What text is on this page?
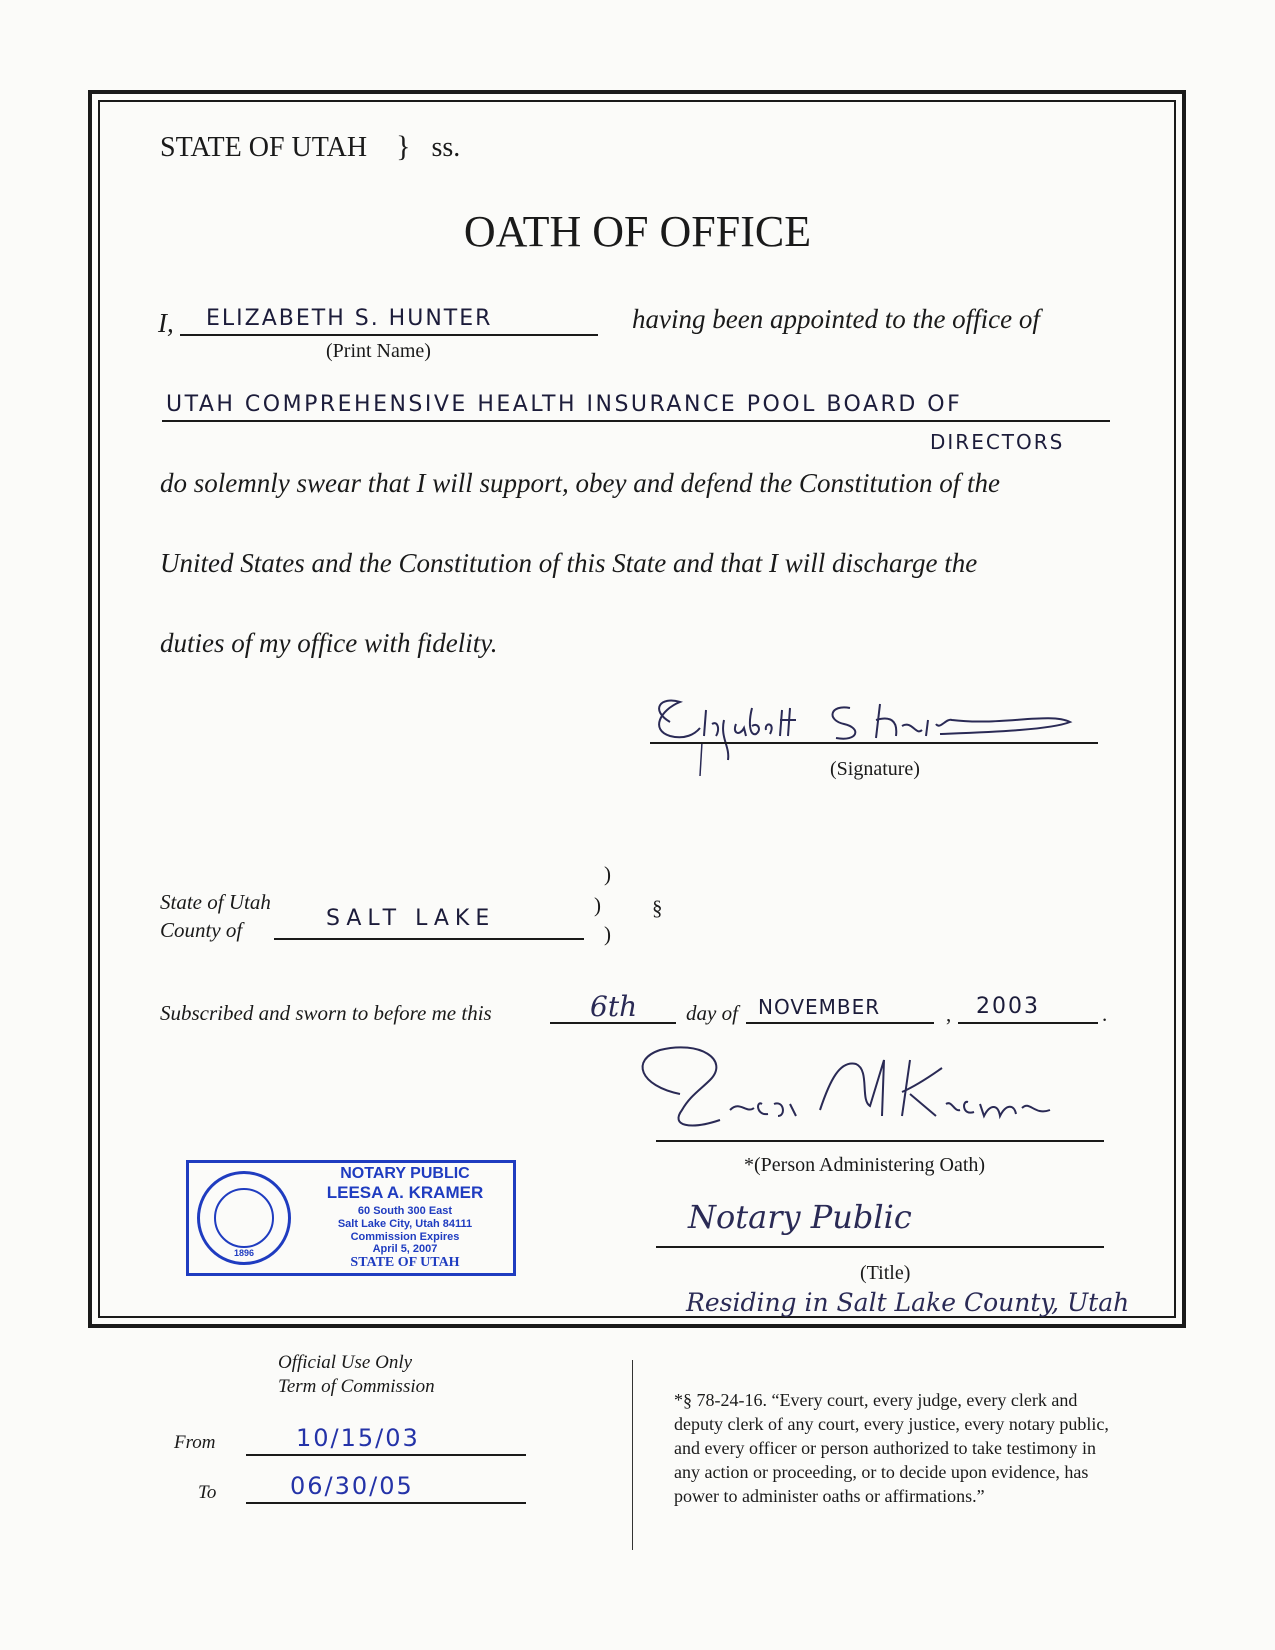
STATE OF UTAH } ss.
OATH OF OFFICE
I, ELIZABETH S. HUNTER
(Print Name)
having been appointed to the office of
UTAH COMPREHENSIVE HEALTH INSURANCE POOL BOARD OF
DIRECTORS
do solemnly swear that I will support, obey and defend the Constitution of the
United States and the Constitution of this State and that I will discharge the
duties of my office with fidelity.
(Signature)
State of Utah
County of	SALT LAKE
)
)
)
§
Subscribed and sworn to before me this	6th day of NOVEMBER	, 2003	.
*(Person Administering Oath)
Notary Public
(Title)
Residing in Salt Lake County, Utah
1896
NOTARY PUBLIC
LEESA A. KRAMER
60 South 300 East
Salt Lake City, Utah 84111
Commission Expires
April 5, 2007
STATE OF UTAH
Official Use Only
Term of Commission
From	10/15/03
To	06/30/05
*§ 78-24-16. “Every court, every judge, every clerk and
deputy clerk of any court, every justice, every notary public,
and every officer or person authorized to take testimony in
any action or proceeding, or to decide upon evidence, has
power to administer oaths or affirmations.”
